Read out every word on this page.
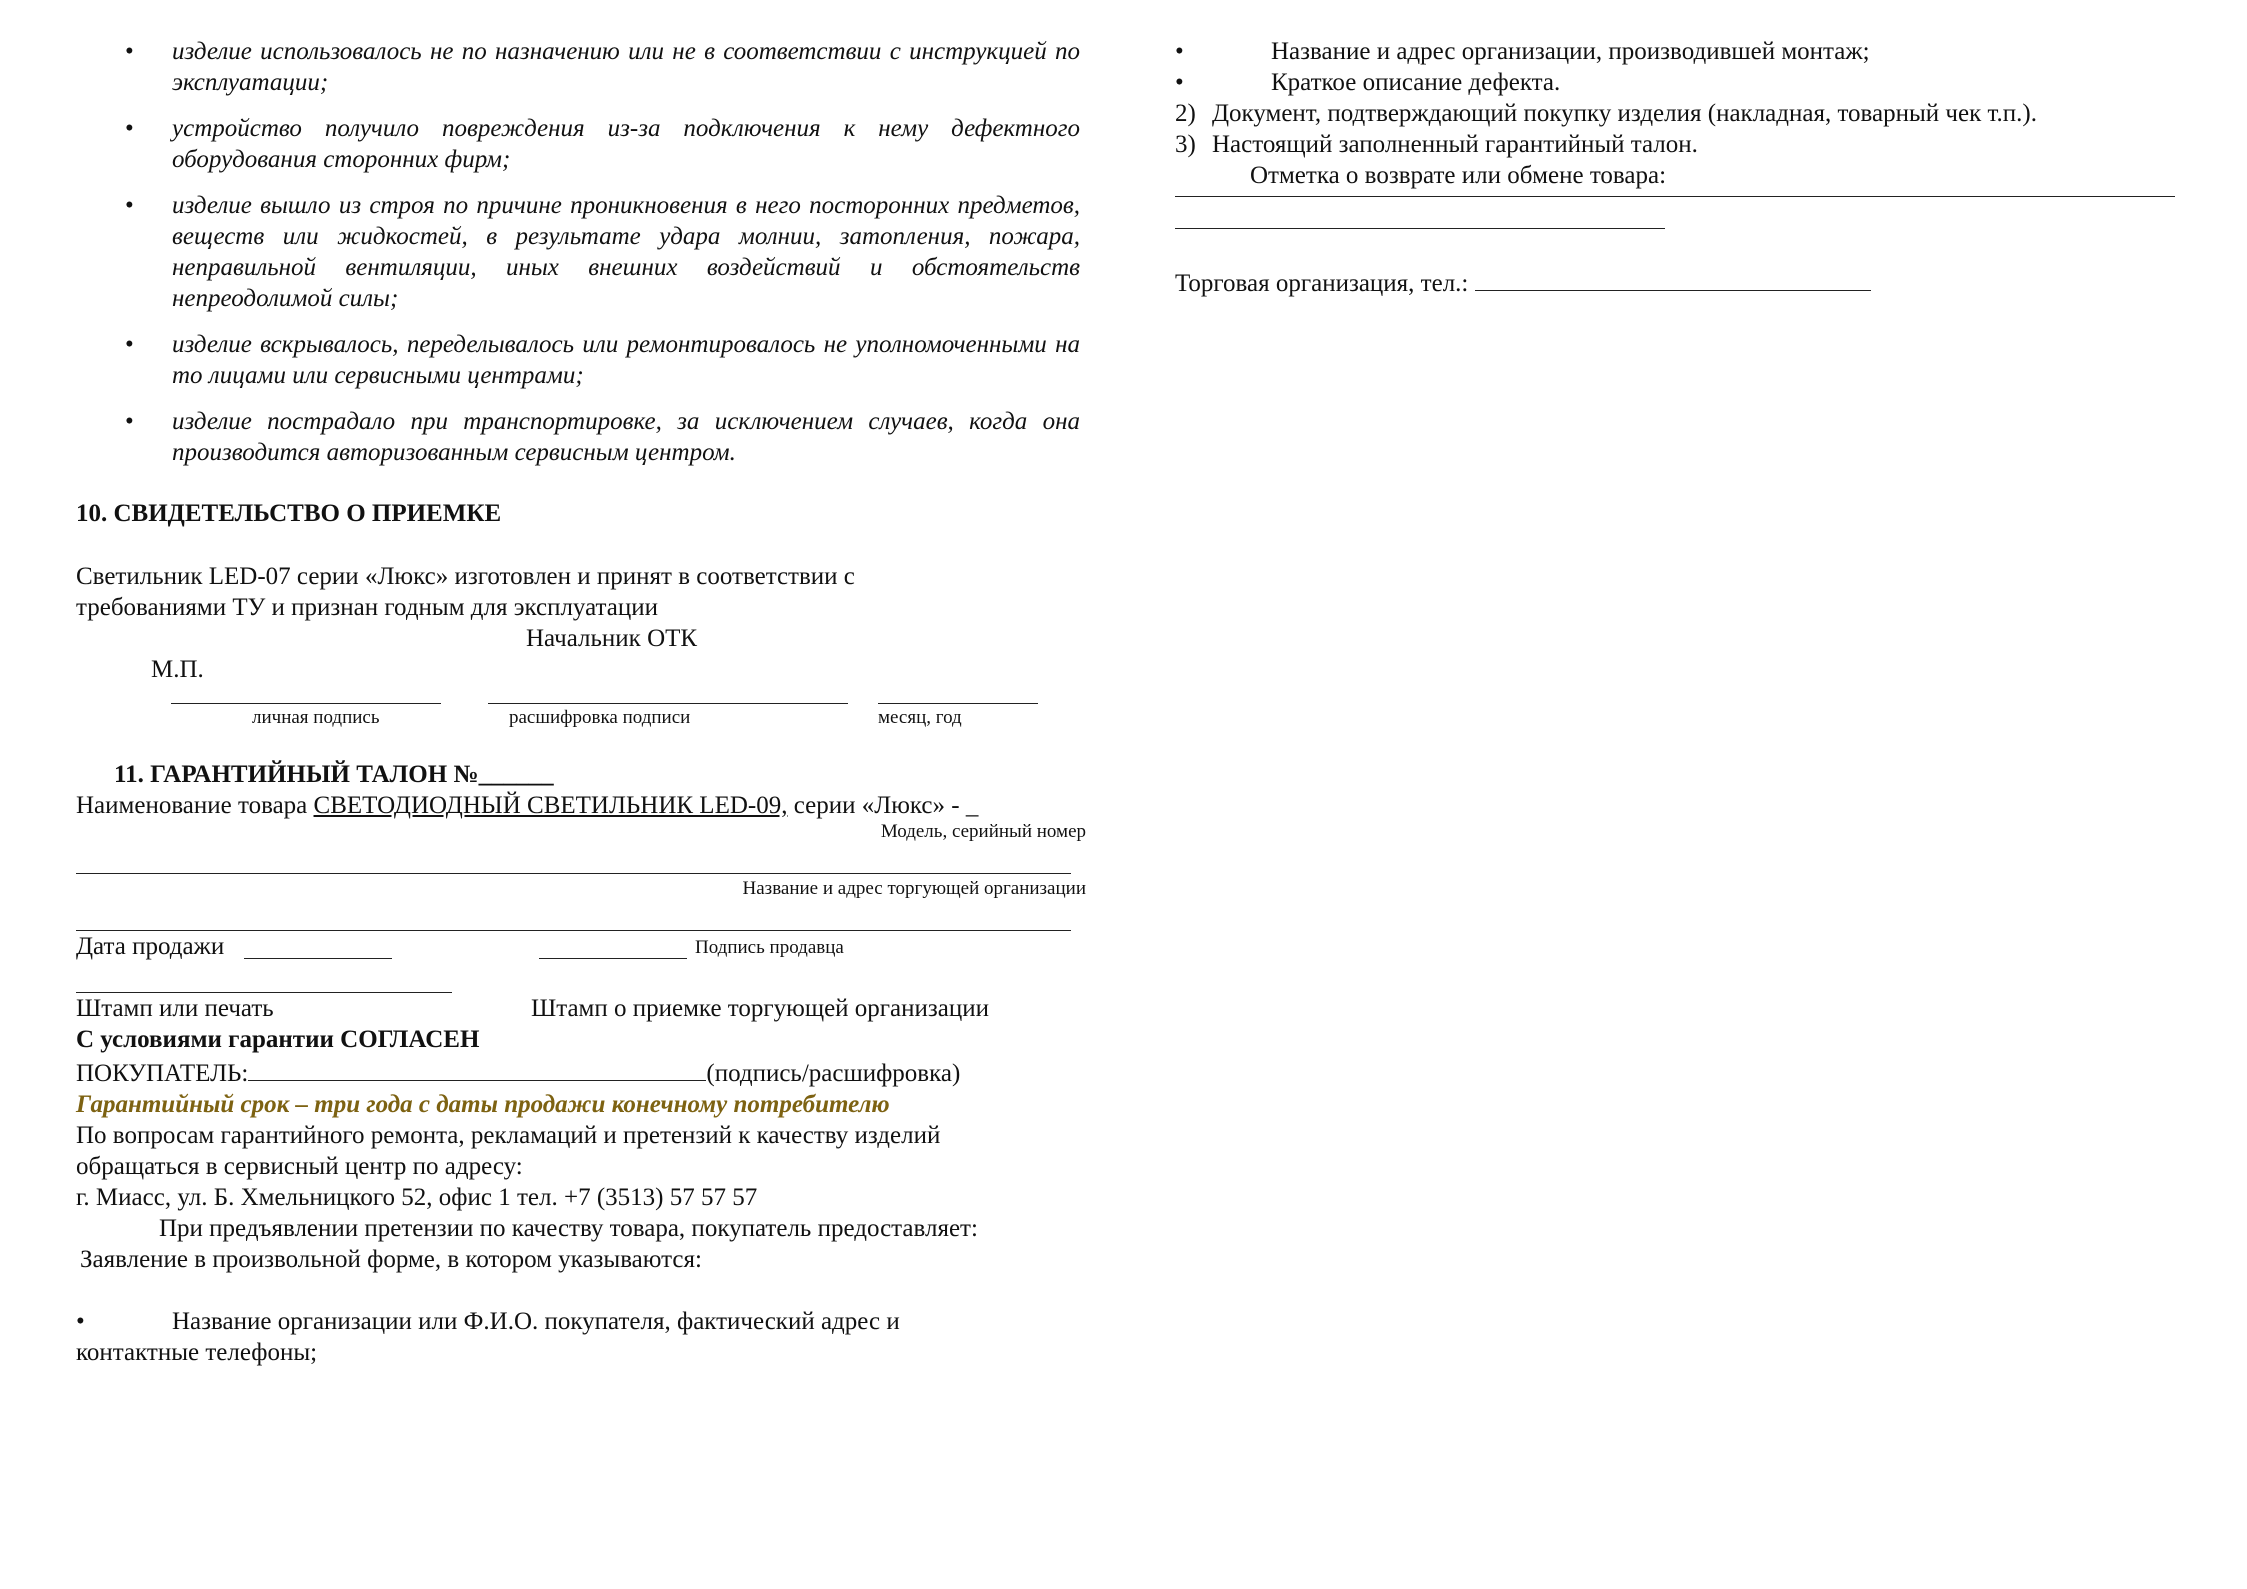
• изделие использовалось не по назначению или не в соответствии с инструкцией по эксплуатации;
• устройство получило повреждения из-за подключения к нему дефектного оборудования сторонних фирм;
• изделие вышло из строя по причине проникновения в него посторонних предметов, веществ или жидкостей, в результате удара молнии, затопления, пожара, неправильной вентиляции, иных внешних воздействий и обстоятельств непреодолимой силы;
• изделие вскрывалось, переделывалось или ремонтировалось не уполномоченными на то лицами или сервисными центрами;
• изделие пострадало при транспортировке, за исключением случаев, когда она производится авторизованным сервисным центром.
10. СВИДЕТЕЛЬСТВО О ПРИЕМКЕ
Светильник LED-07 серии «Люкс» изготовлен и принят в соответствии с
требованиями ТУ и признан годным для эксплуатации
Начальник ОТК
М.П.
личная подпись	расшифровка подписи	месяц, год
11. ГАРАНТИЙНЫЙ ТАЛОН №______
Наименование товара СВЕТОДИОДНЫЙ СВЕТИЛЬНИК LED-09, серии «Люкс» - _
Модель, серийный номер
Название и адрес торгующей организации
Дата продажи	Подпись продавца
Штамп или печать	Штамп о приемке торгующей организации
С условиями гарантии СОГЛАСЕН
ПОКУПАТЕЛЬ:	(подпись/расшифровка)
Гарантийный срок – три года с даты продажи конечному потребителю
По вопросам гарантийного ремонта, рекламаций и претензий к качеству изделий
обращаться в сервисный центр по адресу:
г. Миасс, ул. Б. Хмельницкого 52, офис 1 тел. +7 (3513) 57 57 57
При предъявлении претензии по качеству товара, покупатель предоставляет:
Заявление в произвольной форме, в котором указываются:
•	Название организации или Ф.И.О. покупателя, фактический адрес и
контактные телефоны;
•	Название и адрес организации, производившей монтаж;
•	Краткое описание дефекта.
2) Документ, подтверждающий покупку изделия (накладная, товарный чек т.п.).
3) Настоящий заполненный гарантийный талон.
Отметка о возврате или обмене товара:
Торговая организация, тел.:
